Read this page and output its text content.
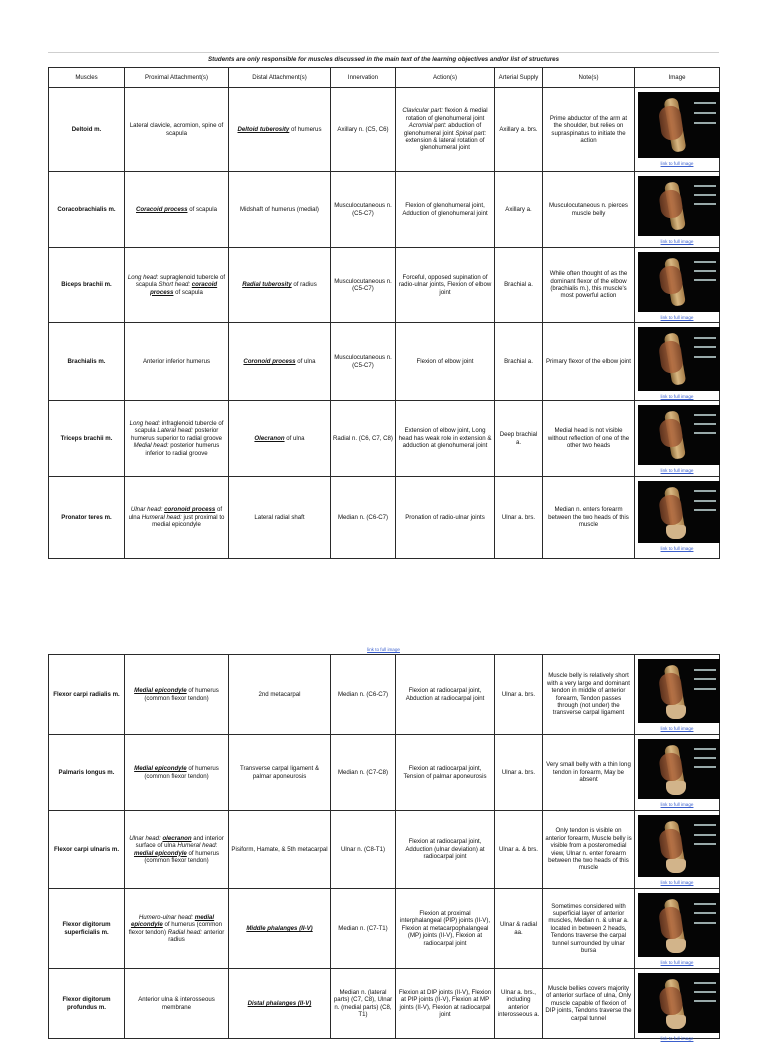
Students are only responsible for muscles discussed in the main text of the learning objectives and/or list of structures
Muscles	Proximal Attachment(s)	Distal Attachment(s)	Innervation	Action(s)	Arterial Supply	Note(s)	Image
Deltoid m.	Lateral clavicle, acromion, spine of scapula	Deltoid tuberosity of humerus	Axillary n. (C5, C6)	Clavicular part: flexion & medial rotation of glenohumeral joint Acromial part: abduction of glenohumeral joint Spinal part: extension & lateral rotation of glenohumeral joint	Axillary a. brs.	Prime abductor of the arm at the shoulder, but relies on supraspinatus to initiate the action	link to full image

Coracobrachialis m.	Coracoid process of scapula	Midshaft of humerus (medial)	Musculocutaneous n. (C5-C7)	Flexion of glenohumeral joint, Adduction of glenohumeral joint	Axillary a.	Musculocutaneous n. pierces muscle belly	link to full image

Biceps brachii m.	Long head: supraglenoid tubercle of scapula Short head: coracoid process of scapula	Radial tuberosity of radius	Musculocutaneous n. (C5-C7)	Forceful, opposed supination of radio-ulnar joints, Flexion of elbow joint	Brachial a.	While often thought of as the dominant flexor of the elbow (brachialis m.), this muscle's most powerful action	link to full image

Brachialis m.	Anterior inferior humerus	Coronoid process of ulna	Musculocutaneous n. (C5-C7)	Flexion of elbow joint	Brachial a.	Primary flexor of the elbow joint	link to full image

Triceps brachii m.	Long head: infraglenoid tubercle of scapula Lateral head: posterior humerus superior to radial groove Medial head: posterior humerus inferior to radial groove	Olecranon of ulna	Radial n. (C6, C7, C8)	Extension of elbow joint, Long head has weak role in extension & adduction at glenohumeral joint	Deep brachial a.	Medial head is not visible without reflection of one of the other two heads	link to full image

Pronator teres m.	Ulnar head: coronoid process of ulna Humeral head: just proximal to medial epicondyle	Lateral radial shaft	Median n. (C6-C7)	Pronation of radio-ulnar joints	Ulnar a. brs.	Median n. enters forearm between the two heads of this muscle	link to full image
link to full image
Flexor carpi radialis m.	Medial epicondyle of humerus (common flexor tendon)	2nd metacarpal	Median n. (C6-C7)	Flexion at radiocarpal joint, Abduction at radiocarpal joint	Ulnar a. brs.	Muscle belly is relatively short with a very large and dominant tendon in middle of anterior forearm, Tendon passes through (not under) the transverse carpal ligament	link to full image

Palmaris longus m.	Medial epicondyle of humerus (common flexor tendon)	Transverse carpal ligament & palmar aponeurosis	Median n. (C7-C8)	Flexion at radiocarpal joint, Tension of palmar aponeurosis	Ulnar a. brs.	Very small belly with a thin long tendon in forearm, May be absent	link to full image

Flexor carpi ulnaris m.	Ulnar head: olecranon and interior surface of ulna Humeral head: medial epicondyle of humerus (common flexor tendon)	Pisiform, Hamate, & 5th metacarpal	Ulnar n. (C8-T1)	Flexion at radiocarpal joint, Adduction (ulnar deviation) at radiocarpal joint	Ulnar a. & brs.	Only tendon is visible on anterior forearm, Muscle belly is visible from a posteromedial view, Ulnar n. enter forearm between the two heads of this muscle	link to full image

Flexor digitorum superficialis m.	Humero-ulnar head: medial epicondyle of humerus (common flexor tendon) Radial head: anterior radius	Middle phalanges (II-V)	Median n. (C7-T1)	Flexion at proximal interphalangeal (PIP) joints (II-V), Flexion at metacarpophalangeal (MP) joints (II-V), Flexion at radiocarpal joint	Ulnar & radial aa.	Sometimes considered with superficial layer of anterior muscles, Median n. & ulnar a. located in between 2 heads, Tendons traverse the carpal tunnel surrounded by ulnar bursa	link to full image

Flexor digitorum profundus m.	Anterior ulna & interosseous membrane	Distal phalanges (II-V)	Median n. (lateral parts) (C7, C8), Ulnar n. (medial parts) (C8, T1)	Flexion at DIP joints (II-V), Flexion at PIP joints (II-V), Flexion at MP joints (II-V), Flexion at radiocarpal joint	Ulnar a. brs., including anterior interosseous a.	Muscle bellies covers majority of anterior surface of ulna, Only muscle capable of flexion of DIP joints, Tendons traverse the carpal tunnel	link to full image
